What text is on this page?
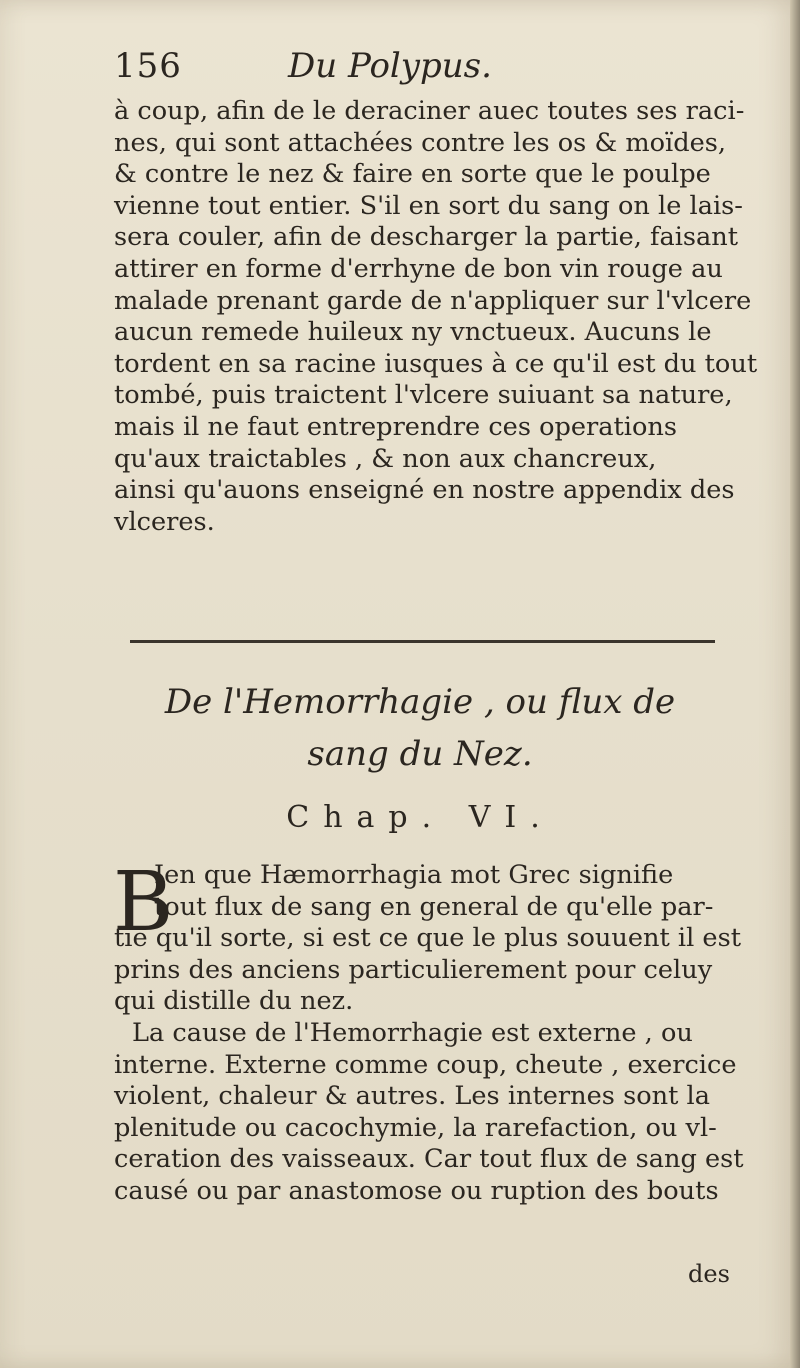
156	Du Polypus.
à coup, afin de le deraciner auec toutes ses raci-
nes, qui sont attachées contre les os & moïdes,
& contre le nez & faire en sorte que le poulpe
vienne tout entier. S'il en sort du sang on le lais-
sera couler, afin de descharger la partie, faisant
attirer en forme d'errhyne de bon vin rouge au
malade prenant garde de n'appliquer sur l'vlcere
aucun remede huileux ny vnctueux. Aucuns le
tordent en sa racine iusques à ce qu'il est du tout
tombé, puis traictent l'vlcere suiuant sa nature,
mais il ne faut entreprendre ces operations
qu'aux traictables , & non aux chancreux,
ainsi qu'auons enseigné en nostre appendix des
vlceres.
De l'Hemorrhagie , ou flux de
sang du Nez.
Chap. VI.
B
Ien que Hæmorrhagia mot Grec signifie
tout flux de sang en general de qu'elle par-
tie qu'il sorte, si est ce que le plus souuent il est
prins des anciens particulierement pour celuy
qui distille du nez.
La cause de l'Hemorrhagie est externe , ou
interne. Externe comme coup, cheute , exercice
violent, chaleur & autres. Les internes sont la
plenitude ou cacochymie, la rarefaction, ou vl-
ceration des vaisseaux. Car tout flux de sang est
causé ou par anastomose ou ruption des bouts
des
